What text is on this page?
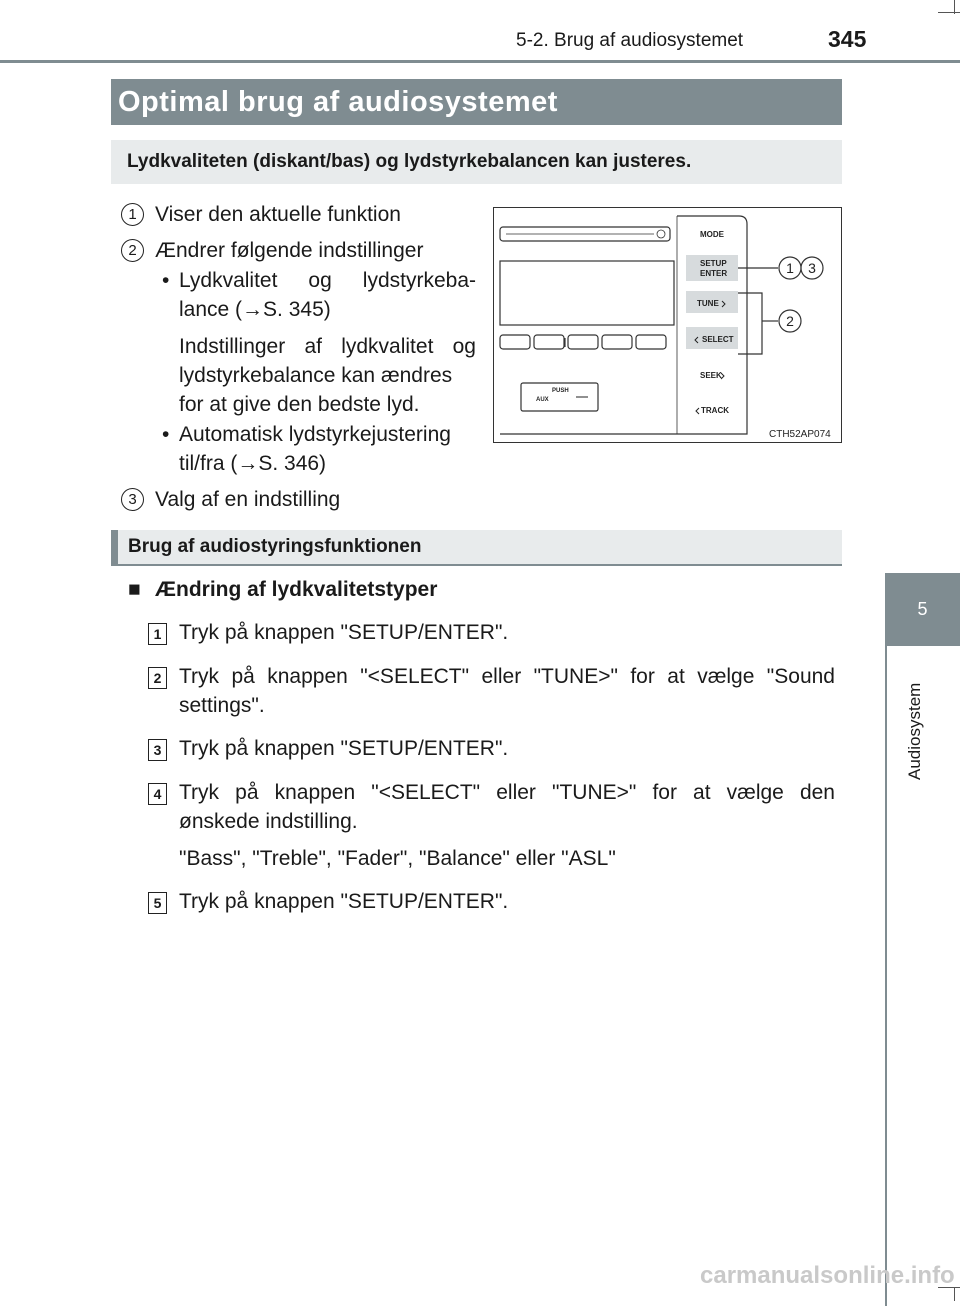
5-2. Brug af audiosystemet	345
5
Audiosystem
Optimal brug af audiosystemet
Lydkvaliteten (diskant/bas) og lydstyrkebalancen kan justeres.
1 Viser den aktuelle funktion
2 Ændrer følgende indstillinger
• Lydkvalitet og lydstyrkeba-
lance (→S. 345)
Indstillinger af lydkvalitet og
lydstyrkebalance kan ændres
for at give den bedste lyd.
• Automatisk lydstyrkejustering
til/fra (→S. 346)
3 Valg af en indstilling
MODE
SETUP
ENTER
TUNE
SELECT
SEEK
TRACK
PUSH
AUX
1 3
2
CTH52AP074
Brug af audiostyringsfunktionen
■ Ændring af lydkvalitetstyper
1 Tryk på knappen "SETUP/ENTER".
2 Tryk på knappen "<SELECT" eller "TUNE>" for at vælge "Sound
settings".
3 Tryk på knappen "SETUP/ENTER".
4 Tryk på knappen "<SELECT" eller "TUNE>" for at vælge den
ønskede indstilling.
"Bass", "Treble", "Fader", "Balance" eller "ASL"
5 Tryk på knappen "SETUP/ENTER".
carmanualsonline.info
